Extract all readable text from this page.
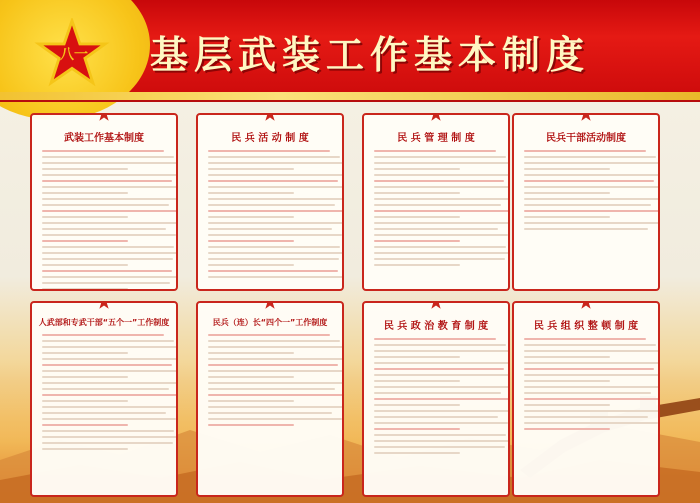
八一 基层武装工作基本制度
武装工作基本制度	民 兵 活 动 制 度	民 兵 管 理 制 度	民兵干部活动制度
人武部和专武干部“五个一”工作制度	民兵（连）长“四个一”工作制度	民 兵 政 治 教 育 制 度	民 兵 组 织 整 顿 制 度
